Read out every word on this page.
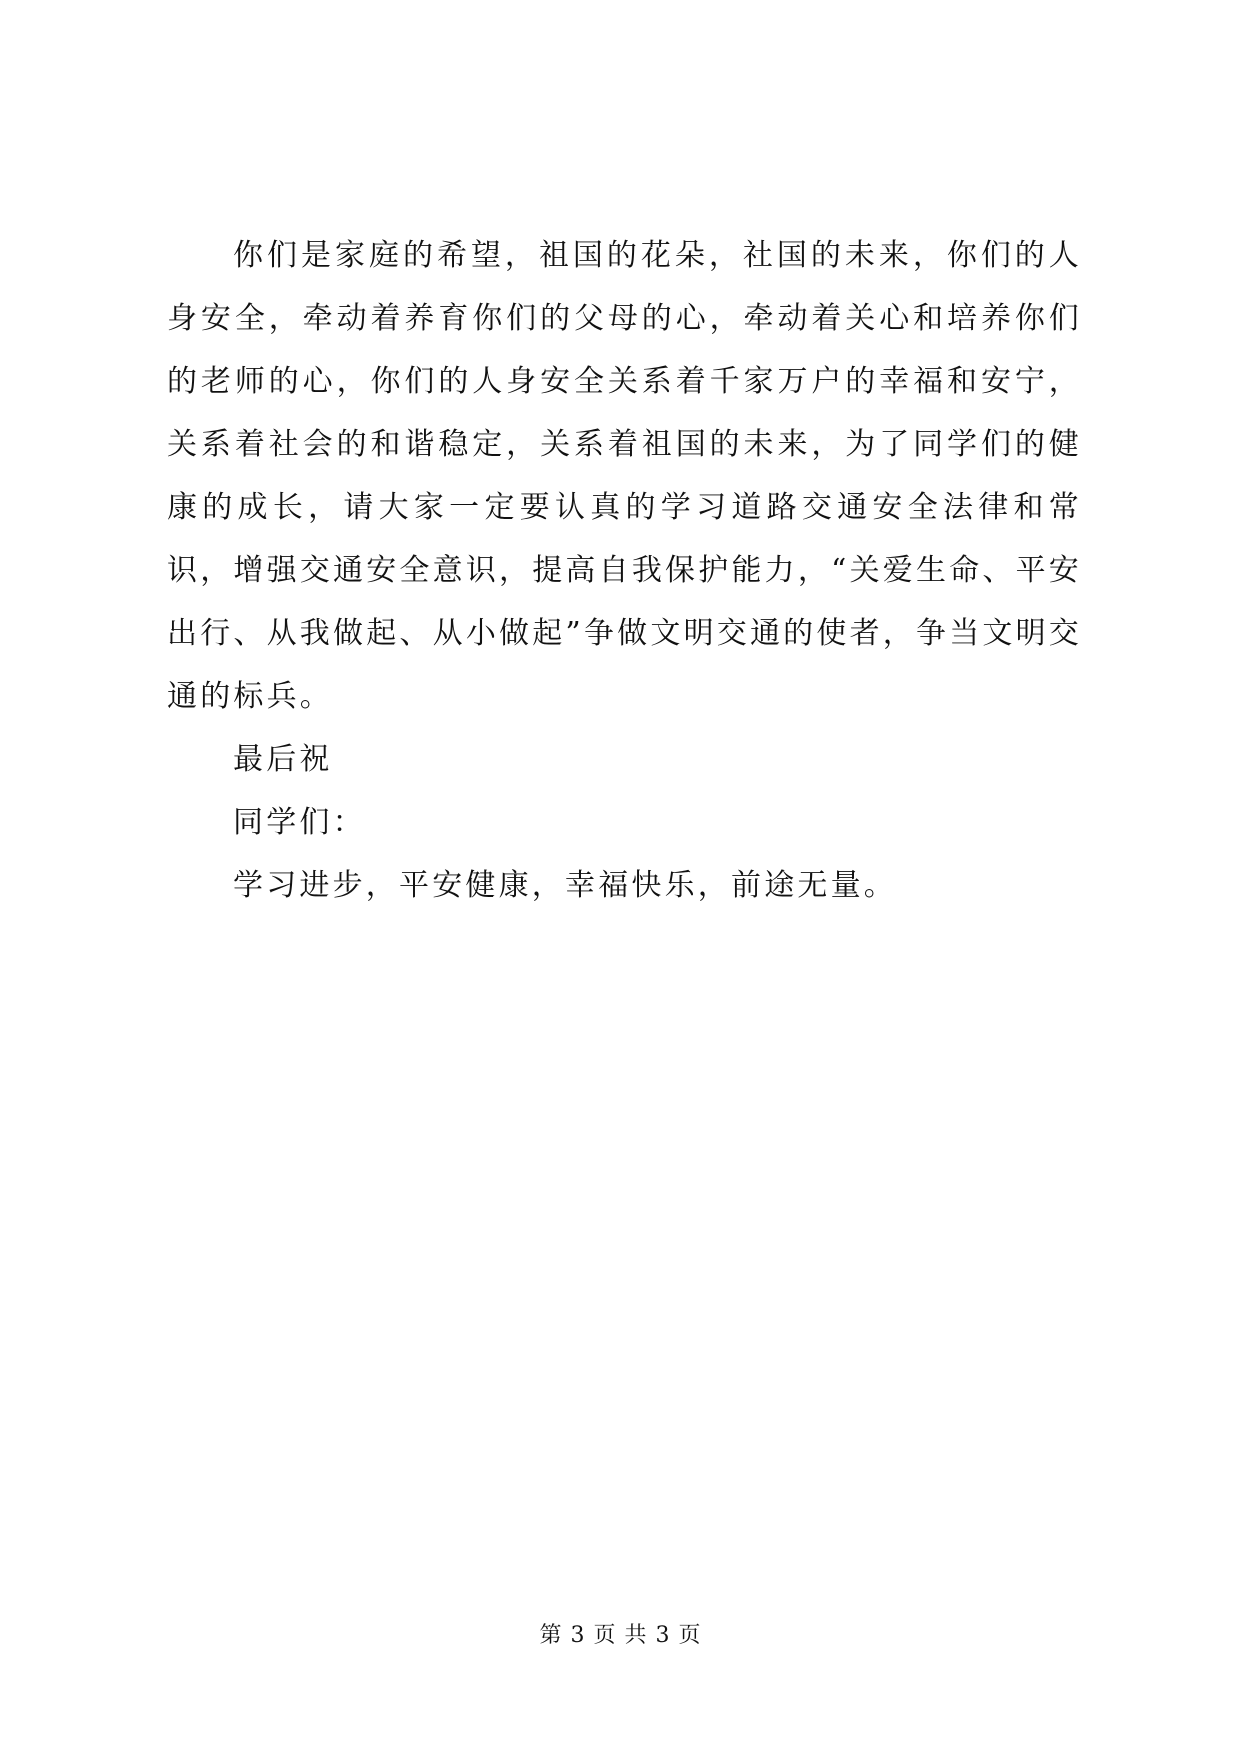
你们是家庭的希望，祖国的花朵，社国的未来，你们的人身安全，牵动着养育你们的父母的心，牵动着关心和培养你们的老师的心，你们的人身安全关系着千家万户的幸福和安宁，关系着社会的和谐稳定，关系着祖国的未来，为了同学们的健康的成长，请大家一定要认真的学习道路交通安全法律和常识，增强交通安全意识，提高自我保护能力，“关爱生命、平安出行、从我做起、从小做起”争做文明交通的使者，争当文明交通的标兵。

最后祝

同学们：

学习进步，平安健康，幸福快乐，前途无量。

第 3 页 共 3 页
